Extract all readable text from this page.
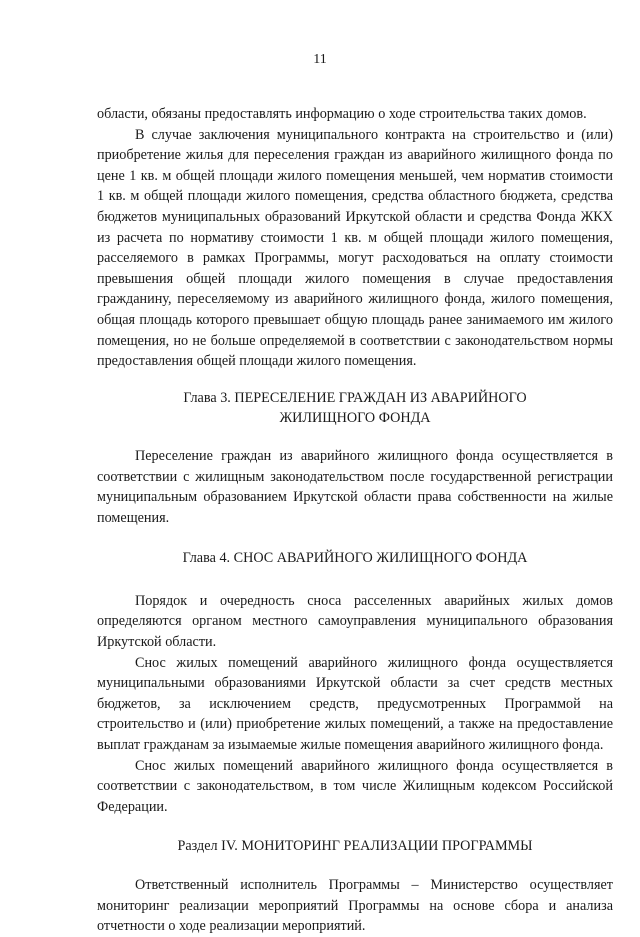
11

области, обязаны предоставлять информацию о ходе строительства таких домов.

В случае заключения муниципального контракта на строительство и (или) приобретение жилья для переселения граждан из аварийного жилищного фонда по цене 1 кв. м общей площади жилого помещения меньшей, чем норматив стоимости 1 кв. м общей площади жилого помещения, средства областного бюджета, средства бюджетов муниципальных образований Иркутской области и средства Фонда ЖКХ из расчета по нормативу стоимости 1 кв. м общей площади жилого помещения, расселяемого в рамках Программы, могут расходоваться на оплату стоимости превышения общей площади жилого помещения в случае предоставления гражданину, переселяемому из аварийного жилищного фонда, жилого помещения, общая площадь которого превышает общую площадь ранее занимаемого им жилого помещения, но не больше определяемой в соответствии с законодательством нормы предоставления общей площади жилого помещения.

Глава 3. ПЕРЕСЕЛЕНИЕ ГРАЖДАН ИЗ АВАРИЙНОГО
ЖИЛИЩНОГО ФОНДА

Переселение граждан из аварийного жилищного фонда осуществляется в соответствии с жилищным законодательством после государственной регистрации муниципальным образованием Иркутской области права собственности на жилые помещения.

Глава 4. СНОС АВАРИЙНОГО ЖИЛИЩНОГО ФОНДА

Порядок и очередность сноса расселенных аварийных жилых домов определяются органом местного самоуправления муниципального образования Иркутской области.

Снос жилых помещений аварийного жилищного фонда осуществляется муниципальными образованиями Иркутской области за счет средств местных бюджетов, за исключением средств, предусмотренных Программой на строительство и (или) приобретение жилых помещений, а также на предоставление выплат гражданам за изымаемые жилые помещения аварийного жилищного фонда.

Снос жилых помещений аварийного жилищного фонда осуществляется в соответствии с законодательством, в том числе Жилищным кодексом Российской Федерации.

Раздел IV. МОНИТОРИНГ РЕАЛИЗАЦИИ ПРОГРАММЫ

Ответственный исполнитель Программы – Министерство осуществляет мониторинг реализации мероприятий Программы на основе сбора и анализа отчетности о ходе реализации мероприятий.
